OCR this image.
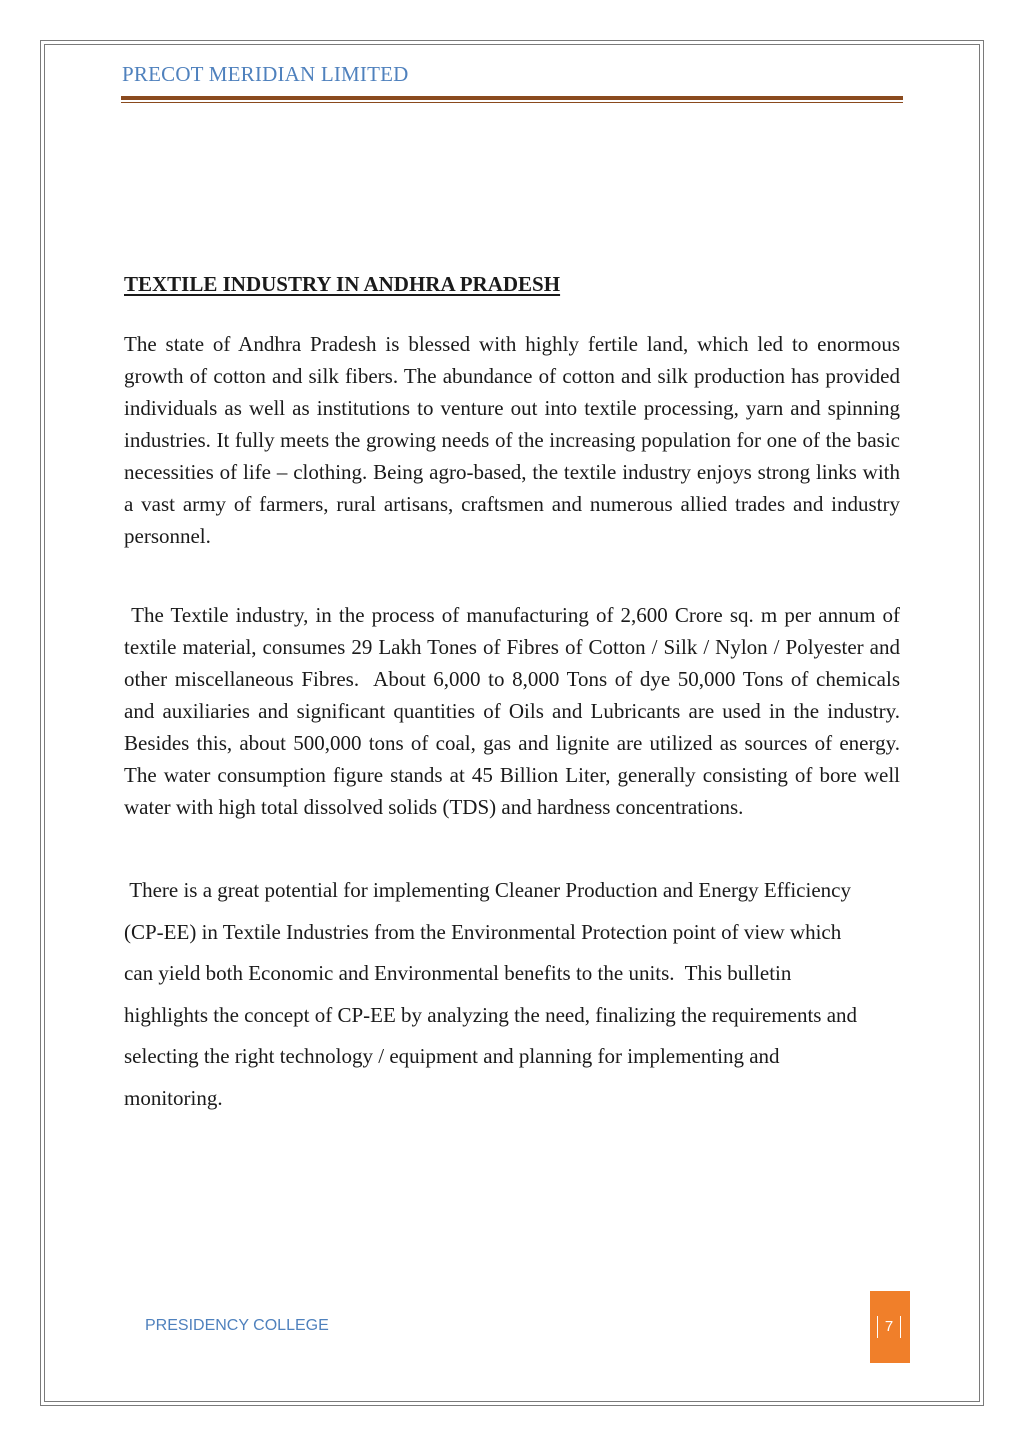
PRECOT MERIDIAN LIMITED
TEXTILE INDUSTRY IN ANDHRA PRADESH

The state of Andhra Pradesh is blessed with highly fertile land, which led to enormous growth of cotton and silk fibers. The abundance of cotton and silk production has provided individuals as well as institutions to venture out into textile processing, yarn and spinning industries. It fully meets the growing needs of the increasing population for one of the basic necessities of life – clothing. Being agro-based, the textile industry enjoys strong links with a vast army of farmers, rural artisans, craftsmen and numerous allied trades and industry personnel.

The Textile industry, in the process of manufacturing of 2,600 Crore sq. m per annum of textile material, consumes 29 Lakh Tones of Fibres of Cotton / Silk / Nylon / Polyester and other miscellaneous Fibres.  About 6,000 to 8,000 Tons of dye 50,000 Tons of chemicals and auxiliaries and significant quantities of Oils and Lubricants are used in the industry.  Besides this, about 500,000 tons of coal, gas and lignite are utilized as sources of energy.  The water consumption figure stands at 45 Billion Liter, generally consisting of bore well water with high total dissolved solids (TDS) and hardness concentrations.

There is a great potential for implementing Cleaner Production and Energy Efficiency (CP-EE) in Textile Industries from the Environmental Protection point of view which can yield both Economic and Environmental benefits to the units.  This bulletin highlights the concept of CP-EE by analyzing the need, finalizing the requirements and selecting the right technology / equipment and planning for implementing and monitoring.

PRESIDENCY COLLEGE	7
